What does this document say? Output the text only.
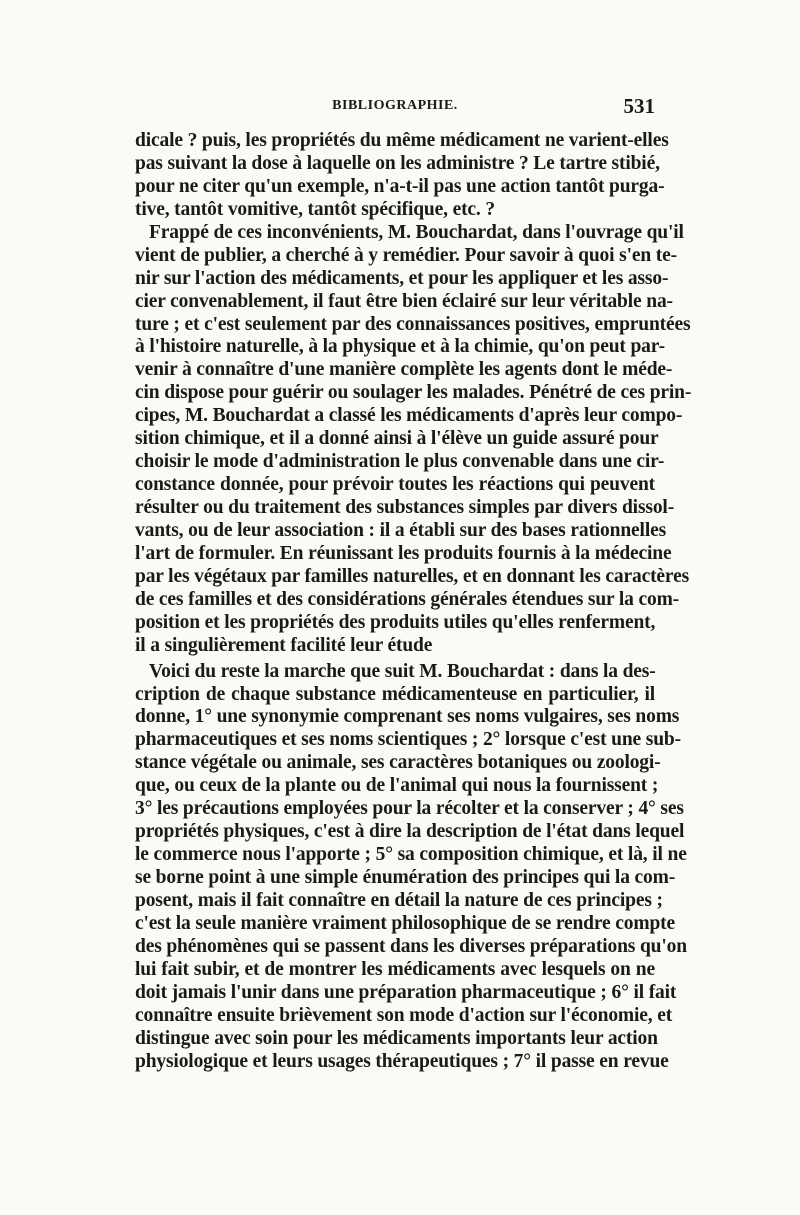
BIBLIOGRAPHIE.	531
dicale ? puis, les propriétés du même médicament ne varient-elles
pas suivant la dose à laquelle on les administre ? Le tartre stibié,
pour ne citer qu'un exemple, n'a-t-il pas une action tantôt purga-
tive, tantôt vomitive, tantôt spécifique, etc. ?
Frappé de ces inconvénients, M. Bouchardat, dans l'ouvrage qu'il
vient de publier, a cherché à y remédier. Pour savoir à quoi s'en te-
nir sur l'action des médicaments, et pour les appliquer et les asso-
cier convenablement, il faut être bien éclairé sur leur véritable na-
ture ; et c'est seulement par des connaissances positives, empruntées
à l'histoire naturelle, à la physique et à la chimie, qu'on peut par-
venir à connaître d'une manière complète les agents dont le méde-
cin dispose pour guérir ou soulager les malades. Pénétré de ces prin-
cipes, M. Bouchardat a classé les médicaments d'après leur compo-
sition chimique, et il a donné ainsi à l'élève un guide assuré pour
choisir le mode d'administration le plus convenable dans une cir-
constance donnée, pour prévoir toutes les réactions qui peuvent
résulter ou du traitement des substances simples par divers dissol-
vants, ou de leur association : il a établi sur des bases rationnelles
l'art de formuler. En réunissant les produits fournis à la médecine
par les végétaux par familles naturelles, et en donnant les caractères
de ces familles et des considérations générales étendues sur la com-
position et les propriétés des produits utiles qu'elles renferment,
il a singulièrement facilité leur étude
Voici du reste la marche que suit M. Bouchardat : dans la des-
cription de chaque substance médicamenteuse en particulier, il
donne, 1° une synonymie comprenant ses noms vulgaires, ses noms
pharmaceutiques et ses noms scientiques ; 2° lorsque c'est une sub-
stance végétale ou animale, ses caractères botaniques ou zoologi-
que, ou ceux de la plante ou de l'animal qui nous la fournissent ;
3° les précautions employées pour la récolter et la conserver ; 4° ses
propriétés physiques, c'est à dire la description de l'état dans lequel
le commerce nous l'apporte ; 5° sa composition chimique, et là, il ne
se borne point à une simple énumération des principes qui la com-
posent, mais il fait connaître en détail la nature de ces principes ;
c'est la seule manière vraiment philosophique de se rendre compte
des phénomènes qui se passent dans les diverses préparations qu'on
lui fait subir, et de montrer les médicaments avec lesquels on ne
doit jamais l'unir dans une préparation pharmaceutique ; 6° il fait
connaître ensuite brièvement son mode d'action sur l'économie, et
distingue avec soin pour les médicaments importants leur action
physiologique et leurs usages thérapeutiques ; 7° il passe en revue
